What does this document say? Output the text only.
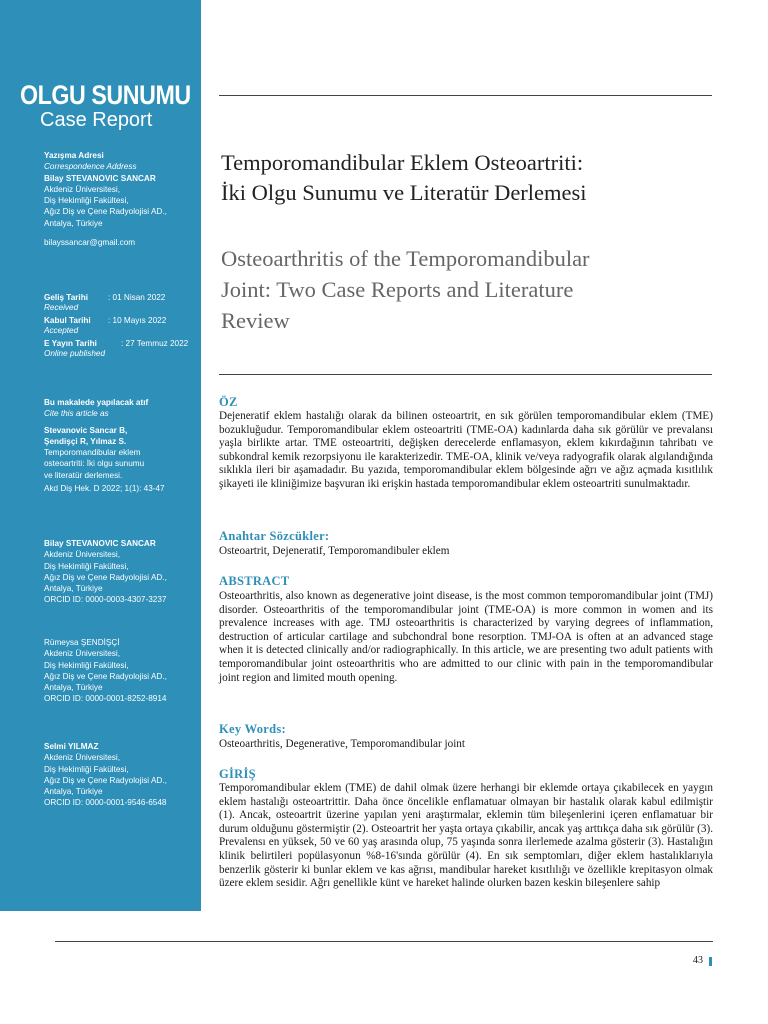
OLGU SUNUMU
Case Report
Yazışma Adresi
Correspondence Address
Bilay STEVANOVIC SANCAR
Akdeniz Üniversitesi,
Diş Hekimliği Fakültesi,
Ağız Diş ve Çene Radyolojisi AD.,
Antalya, Türkiye
bilayssancar@gmail.com
Geliş Tarihi : 01 Nisan 2022
Received
Kabul Tarihi : 10 Mayıs 2022
Accepted
E Yayın Tarihi	: 27 Temmuz 2022
Online published
Bu makalede yapılacak atıf
Cite this article as
Stevanovic Sancar B,
Şendişçi R, Yılmaz S.
Temporomandibular eklem
osteoartriti: İki olgu sunumu
ve literatür derlemesi.
Akd Diş Hek. D 2022; 1(1): 43-47
Bilay STEVANOVIC SANCAR
Akdeniz Üniversitesi,
Diş Hekimliği Fakültesi,
Ağız Diş ve Çene Radyolojisi AD.,
Antalya, Türkiye
ORCID ID: 0000-0003-4307-3237
Rümeysa ŞENDİŞÇİ
Akdeniz Üniversitesi,
Diş Hekimliği Fakültesi,
Ağız Diş ve Çene Radyolojisi AD.,
Antalya, Türkiye
ORCID ID: 0000-0001-8252-8914
Selmi YILMAZ
Akdeniz Üniversitesi,
Diş Hekimliği Fakültesi,
Ağız Diş ve Çene Radyolojisi AD.,
Antalya, Türkiye
ORCID ID: 0000-0001-9546-6548
Temporomandibular Eklem Osteoartriti:
İki Olgu Sunumu ve Literatür Derlemesi
Osteoarthritis of the Temporomandibular
Joint: Two Case Reports and Literature
Review
ÖZ
Dejeneratif eklem hastalığı olarak da bilinen osteoartrit, en sık görülen temporomandibular eklem (TME) bozukluğudur. Temporomandibular eklem osteoartriti (TME-OA) kadınlarda daha sık görülür ve prevalansı yaşla birlikte artar. TME osteoartriti, değişken derecelerde enflamasyon, eklem kıkırdağının tahribatı ve subkondral kemik rezorpsiyonu ile karakterizedir. TME-OA, klinik ve/veya radyografik olarak algılandığında sıklıkla ileri bir aşamadadır. Bu yazıda, temporomandibular eklem bölgesinde ağrı ve ağız açmada kısıtlılık şikayeti ile kliniğimize başvuran iki erişkin hastada temporomandibular eklem osteoartriti sunulmaktadır.
Anahtar Sözcükler:
Osteoartrit, Dejeneratif, Temporomandibuler eklem
ABSTRACT
Osteoarthritis, also known as degenerative joint disease, is the most common temporomandibular joint (TMJ) disorder. Osteoarthritis of the temporomandibular joint (TME-OA) is more common in women and its prevalence increases with age. TMJ osteoarthritis is characterized by varying degrees of inflammation, destruction of articular cartilage and subchondral bone resorption. TMJ-OA is often at an advanced stage when it is detected clinically and/or radiographically. In this article, we are presenting two adult patients with temporomandibular joint osteoarthritis who are admitted to our clinic with pain in the temporomandibular joint region and limited mouth opening.
Key Words:
Osteoarthritis, Degenerative, Temporomandibular joint
GİRİŞ
Temporomandibular eklem (TME) de dahil olmak üzere herhangi bir eklemde ortaya çıkabilecek en yaygın eklem hastalığı osteoartrittir. Daha önce öncelikle enflamatuar olmayan bir hastalık olarak kabul edilmiştir (1). Ancak, osteoartrit üzerine yapılan yeni araştırmalar, eklemin tüm bileşenlerini içeren enflamatuar bir durum olduğunu göstermiştir (2). Osteoartrit her yaşta ortaya çıkabilir, ancak yaş arttıkça daha sık görülür (3). Prevalensı en yüksek, 50 ve 60 yaş arasında olup, 75 yaşında sonra ilerlemede azalma gösterir (3). Hastalığın klinik belirtileri popülasyonun %8-16'sında görülür (4). En sık semptomları, diğer eklem hastalıklarıyla benzerlik gösterir ki bunlar eklem ve kas ağrısı, mandibular hareket kısıtlılığı ve özellikle krepitasyon olmak üzere eklem sesidir. Ağrı genellikle künt ve hareket halinde olurken bazen keskin bileşenlere sahip
43
